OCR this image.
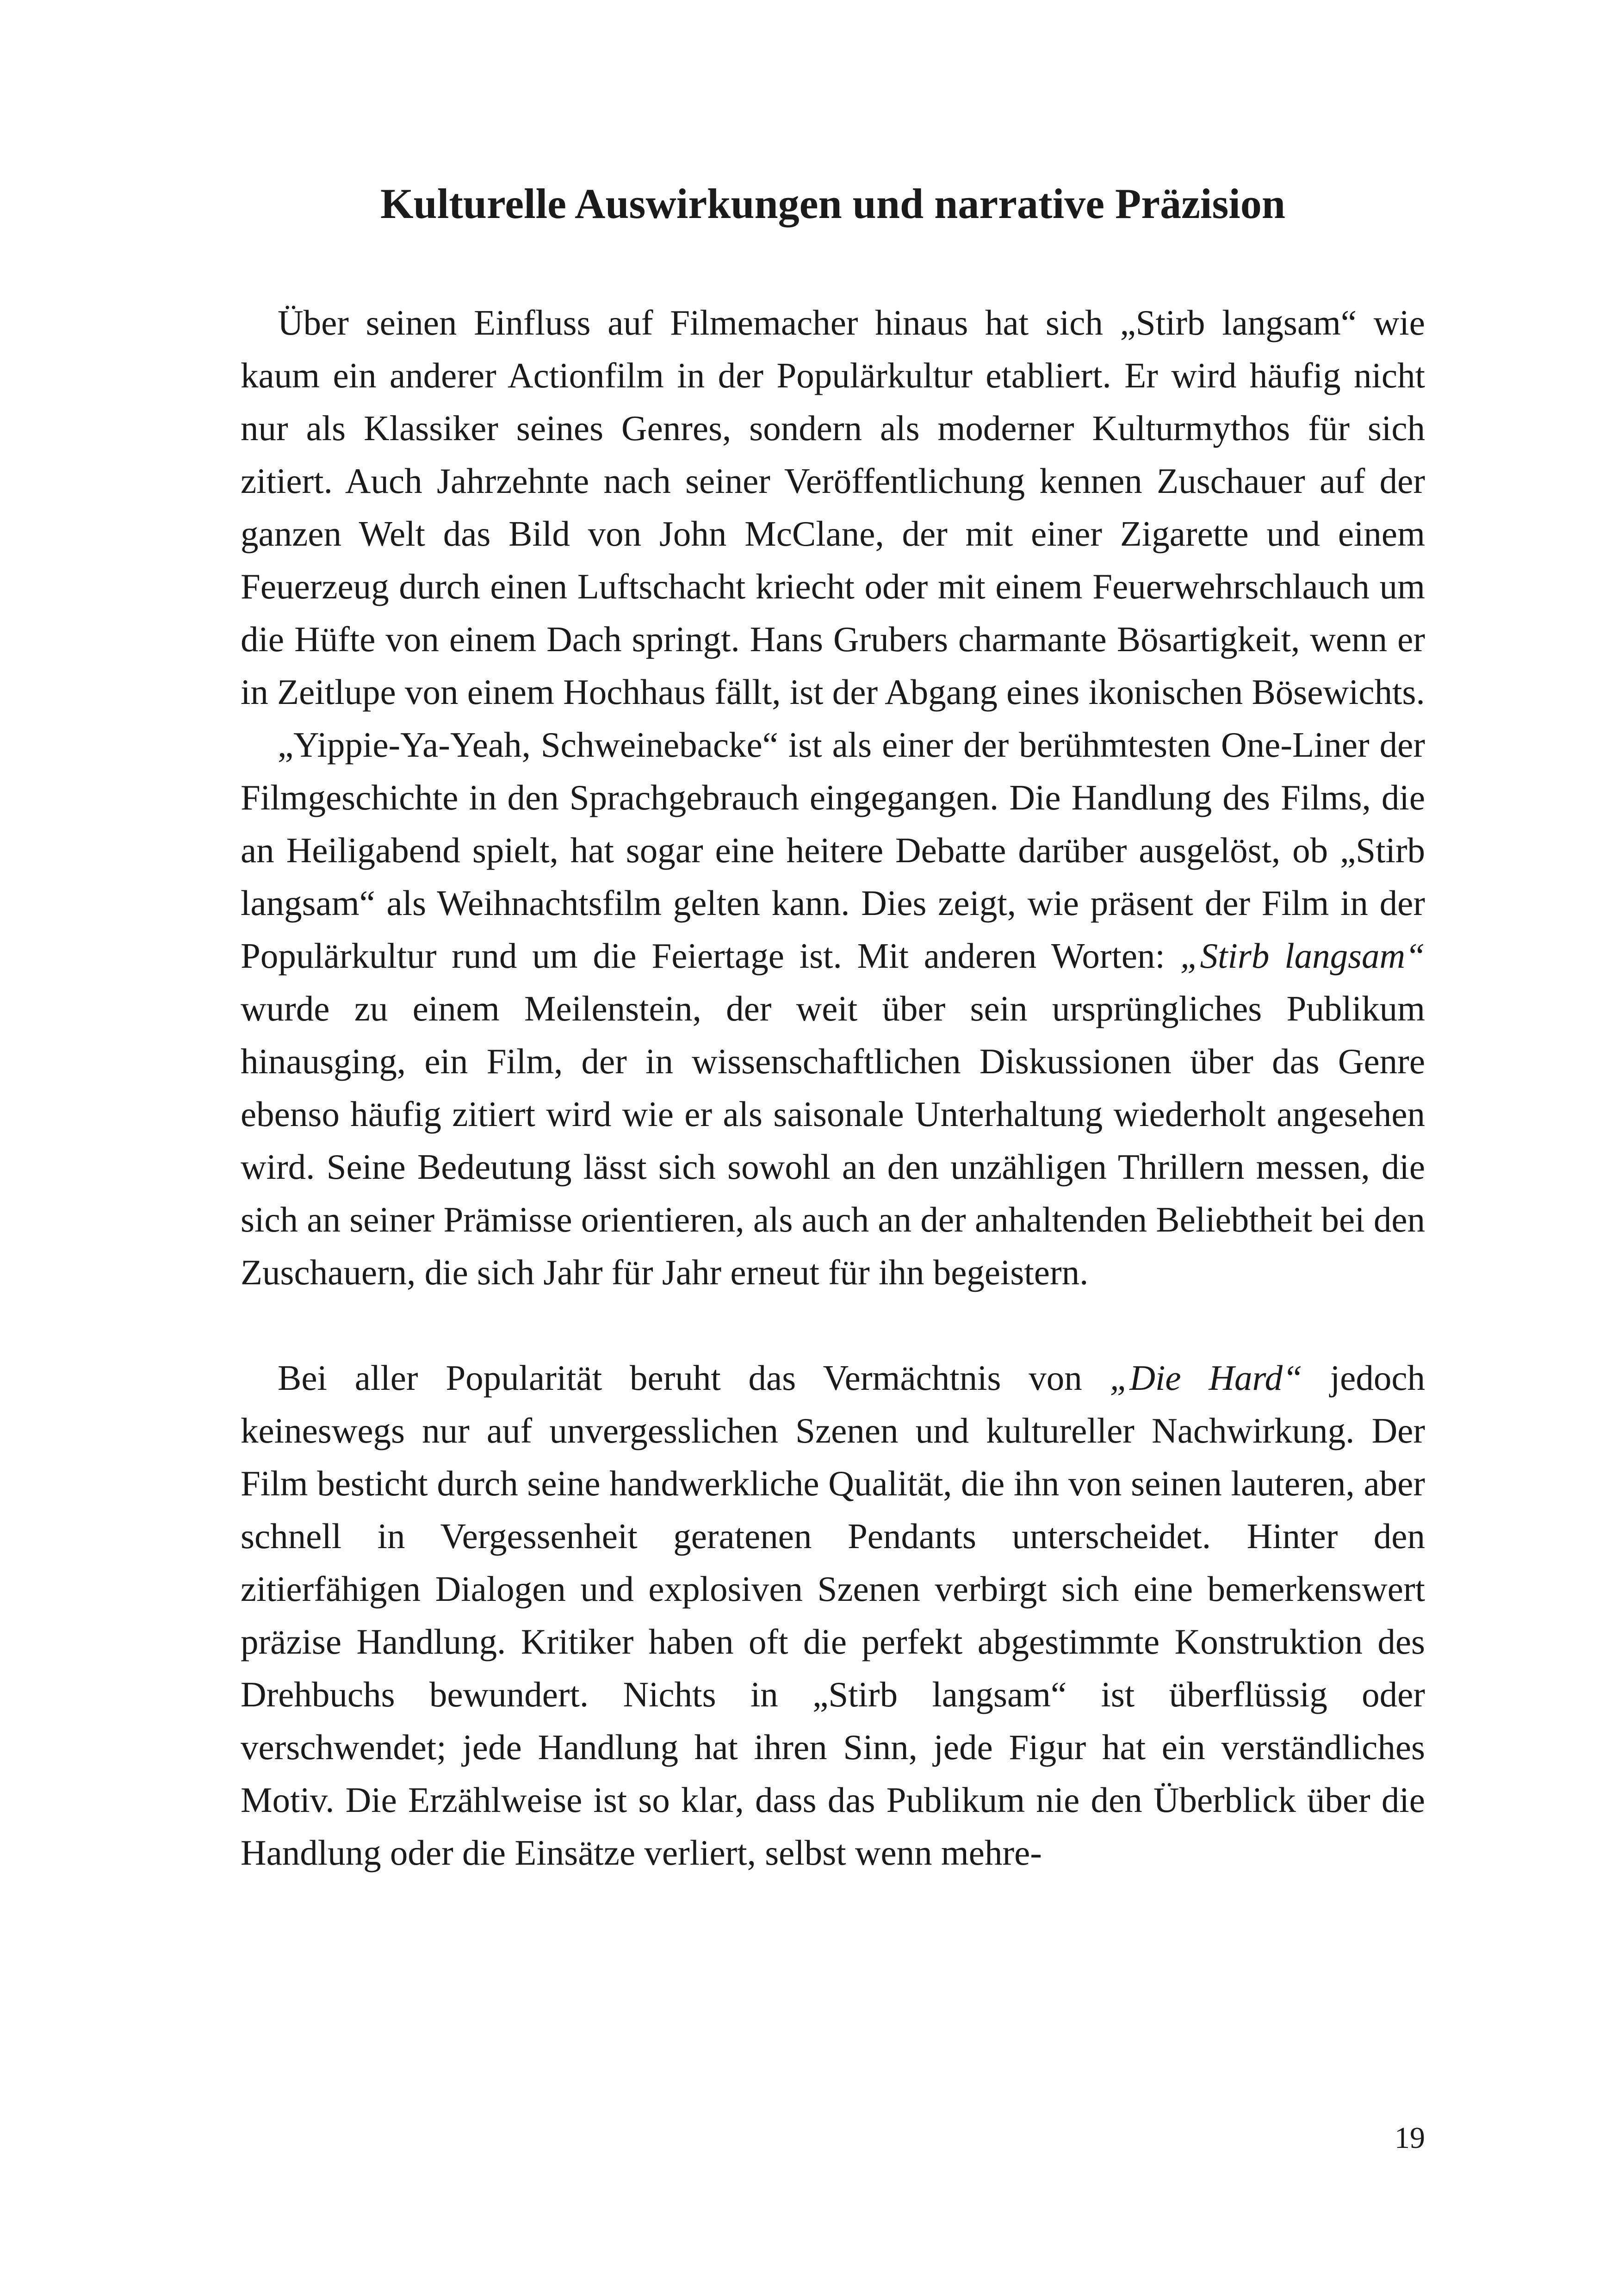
Kulturelle Auswirkungen und narrative Präzision

Über seinen Einfluss auf Filmemacher hinaus hat sich „Stirb langsam“ wie kaum ein anderer Actionfilm in der Populärkultur etabliert. Er wird häufig nicht nur als Klassiker seines Genres, sondern als moderner Kulturmythos für sich zitiert. Auch Jahrzehnte nach seiner Veröffentlichung kennen Zuschauer auf der ganzen Welt das Bild von John McClane, der mit einer Zigarette und einem Feuerzeug durch einen Luftschacht kriecht oder mit einem Feuerwehrschlauch um die Hüfte von einem Dach springt. Hans Grubers charmante Bösartigkeit, wenn er in Zeitlupe von einem Hochhaus fällt, ist der Abgang eines ikonischen Bösewichts.

„Yippie-Ya-Yeah, Schweinebacke“ ist als einer der berühmtesten One-Liner der Filmgeschichte in den Sprachgebrauch eingegangen. Die Handlung des Films, die an Heiligabend spielt, hat sogar eine heitere Debatte darüber ausgelöst, ob „Stirb langsam“ als Weihnachtsfilm gelten kann. Dies zeigt, wie präsent der Film in der Populärkultur rund um die Feiertage ist. Mit anderen Worten: „Stirb langsam“ wurde zu einem Meilenstein, der weit über sein ursprüngliches Publikum hinausging, ein Film, der in wissenschaftlichen Diskussionen über das Genre ebenso häufig zitiert wird wie er als saisonale Unterhaltung wiederholt angesehen wird. Seine Bedeutung lässt sich sowohl an den unzähligen Thrillern messen, die sich an seiner Prämisse orientieren, als auch an der anhaltenden Beliebtheit bei den Zuschauern, die sich Jahr für Jahr erneut für ihn begeistern.

Bei aller Popularität beruht das Vermächtnis von „Die Hard“ jedoch keineswegs nur auf unvergesslichen Szenen und kultureller Nachwirkung. Der Film besticht durch seine handwerkliche Qualität, die ihn von seinen lauteren, aber schnell in Vergessenheit geratenen Pendants unterscheidet. Hinter den zitierfähigen Dialogen und explosiven Szenen verbirgt sich eine bemerkenswert präzise Handlung. Kritiker haben oft die perfekt abgestimmte Konstruktion des Drehbuchs bewundert. Nichts in „Stirb langsam“ ist überflüssig oder verschwendet; jede Handlung hat ihren Sinn, jede Figur hat ein verständliches Motiv. Die Erzählweise ist so klar, dass das Publikum nie den Überblick über die Handlung oder die Einsätze verliert, selbst wenn mehre-

19
